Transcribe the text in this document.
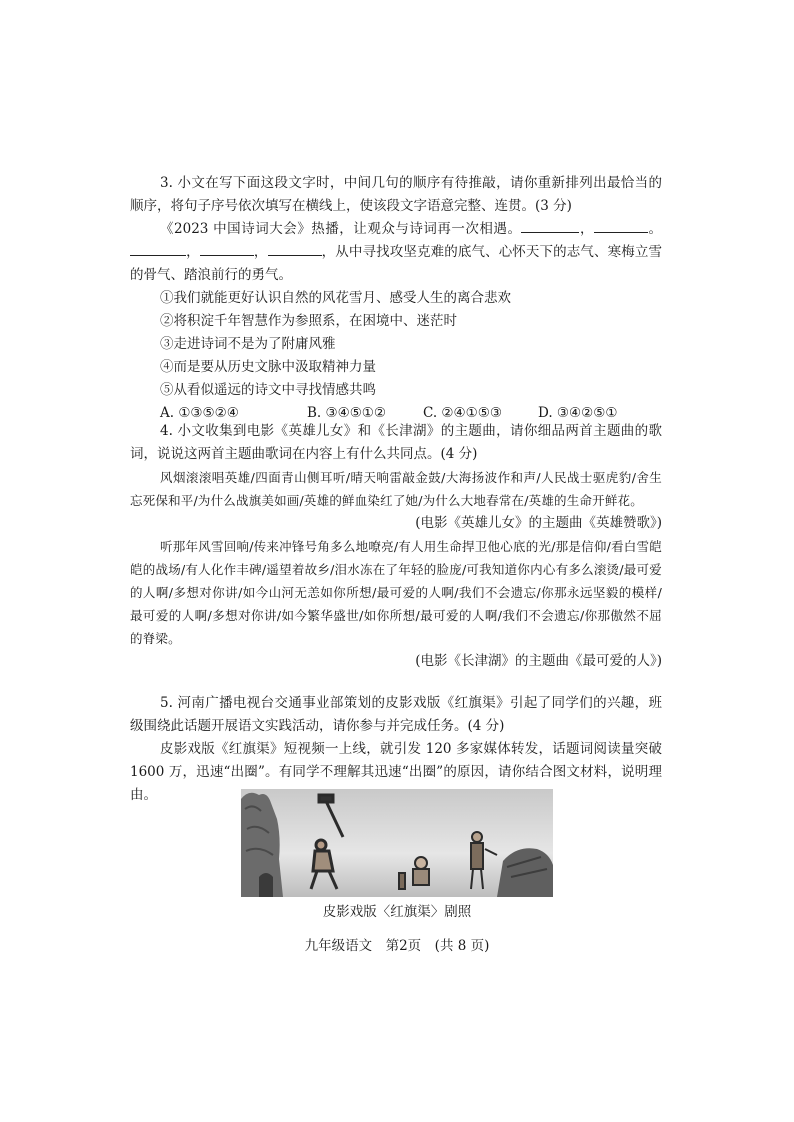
3. 小文在写下面这段文字时，中间几句的顺序有待推敲，请你重新排列出最恰当的顺序，将句子序号依次填写在横线上，使该段文字语意完整、连贯。(3 分)

《2023 中国诗词大会》热播，让观众与诗词再一次相遇。	，	。，	，	，从中寻找攻坚克难的底气、心怀天下的志气、寒梅立雪的骨气、踏浪前行的勇气。

①我们就能更好认识自然的风花雪月、感受人生的离合悲欢

②将积淀千年智慧作为参照系，在困境中、迷茫时

③走进诗词不是为了附庸风雅

④而是要从历史文脉中汲取精神力量

⑤从看似遥远的诗文中寻找情感共鸣

A. ①③⑤②④	B. ③④⑤①②	C. ②④①⑤③	D. ③④②⑤①

4. 小文收集到电影《英雄儿女》和《长津湖》的主题曲，请你细品两首主题曲的歌词，说说这两首主题曲歌词在内容上有什么共同点。(4 分)

风烟滚滚唱英雄/四面青山侧耳听/晴天响雷敲金鼓/大海扬波作和声/人民战士驱虎豹/舍生忘死保和平/为什么战旗美如画/英雄的鲜血染红了她/为什么大地春常在/英雄的生命开鲜花。

(电影《英雄儿女》的主题曲《英雄赞歌》)

听那年风雪回响/传来冲锋号角多么地嘹亮/有人用生命捍卫他心底的光/那是信仰/看白雪皑皑的战场/有人化作丰碑/遥望着故乡/泪水冻在了年轻的脸庞/可我知道你内心有多么滚烫/最可爱的人啊/多想对你讲/如今山河无恙如你所想/最可爱的人啊/我们不会遗忘/你那永远坚毅的模样/最可爱的人啊/多想对你讲/如今繁华盛世/如你所想/最可爱的人啊/我们不会遗忘/你那傲然不屈的脊梁。

(电影《长津湖》的主题曲《最可爱的人》)

5. 河南广播电视台交通事业部策划的皮影戏版《红旗渠》引起了同学们的兴趣，班级围绕此话题开展语文实践活动，请你参与并完成任务。(4 分)

皮影戏版《红旗渠》短视频一上线，就引发 120 多家媒体转发，话题词阅读量突破 1600 万，迅速“出圈”。有同学不理解其迅速“出圈”的原因，请你结合图文材料，说明理由。

皮影戏版〈红旗渠〉剧照
九年级语文　第2页　(共 8 页)
